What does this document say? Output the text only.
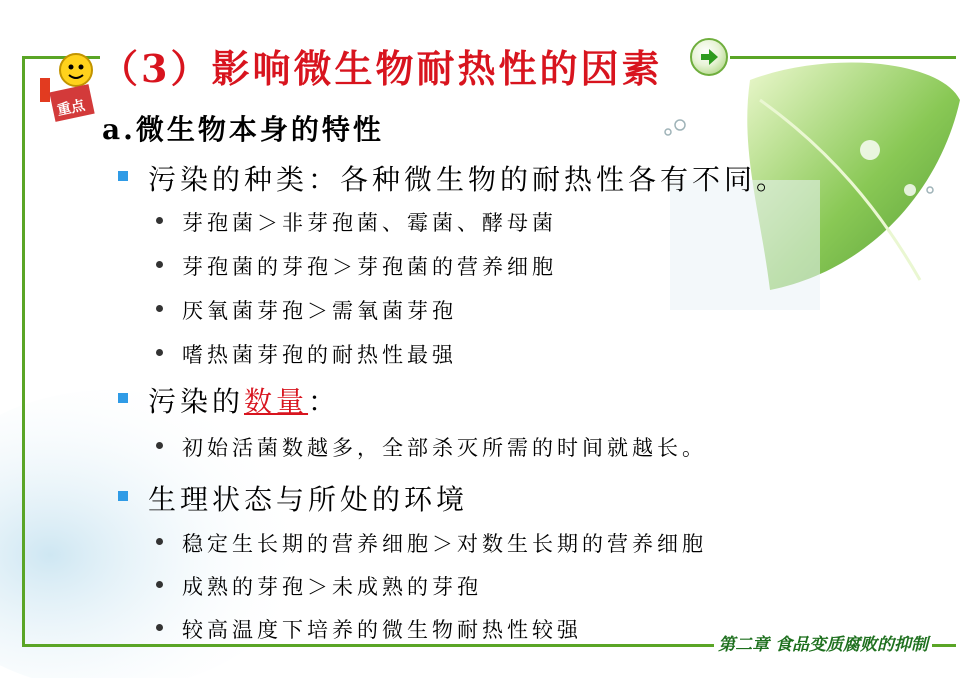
重点
（3）影响微生物耐热性的因素
a.微生物本身的特性
污染的种类：各种微生物的耐热性各有不同。
芽孢菌＞非芽孢菌、霉菌、酵母菌
芽孢菌的芽孢＞芽孢菌的营养细胞
厌氧菌芽孢＞需氧菌芽孢
嗜热菌芽孢的耐热性最强
污染的数量：
初始活菌数越多，全部杀灭所需的时间就越长。
生理状态与所处的环境
稳定生长期的营养细胞＞对数生长期的营养细胞
成熟的芽孢＞未成熟的芽孢
较高温度下培养的微生物耐热性较强
第二章 食品变质腐败的抑制
